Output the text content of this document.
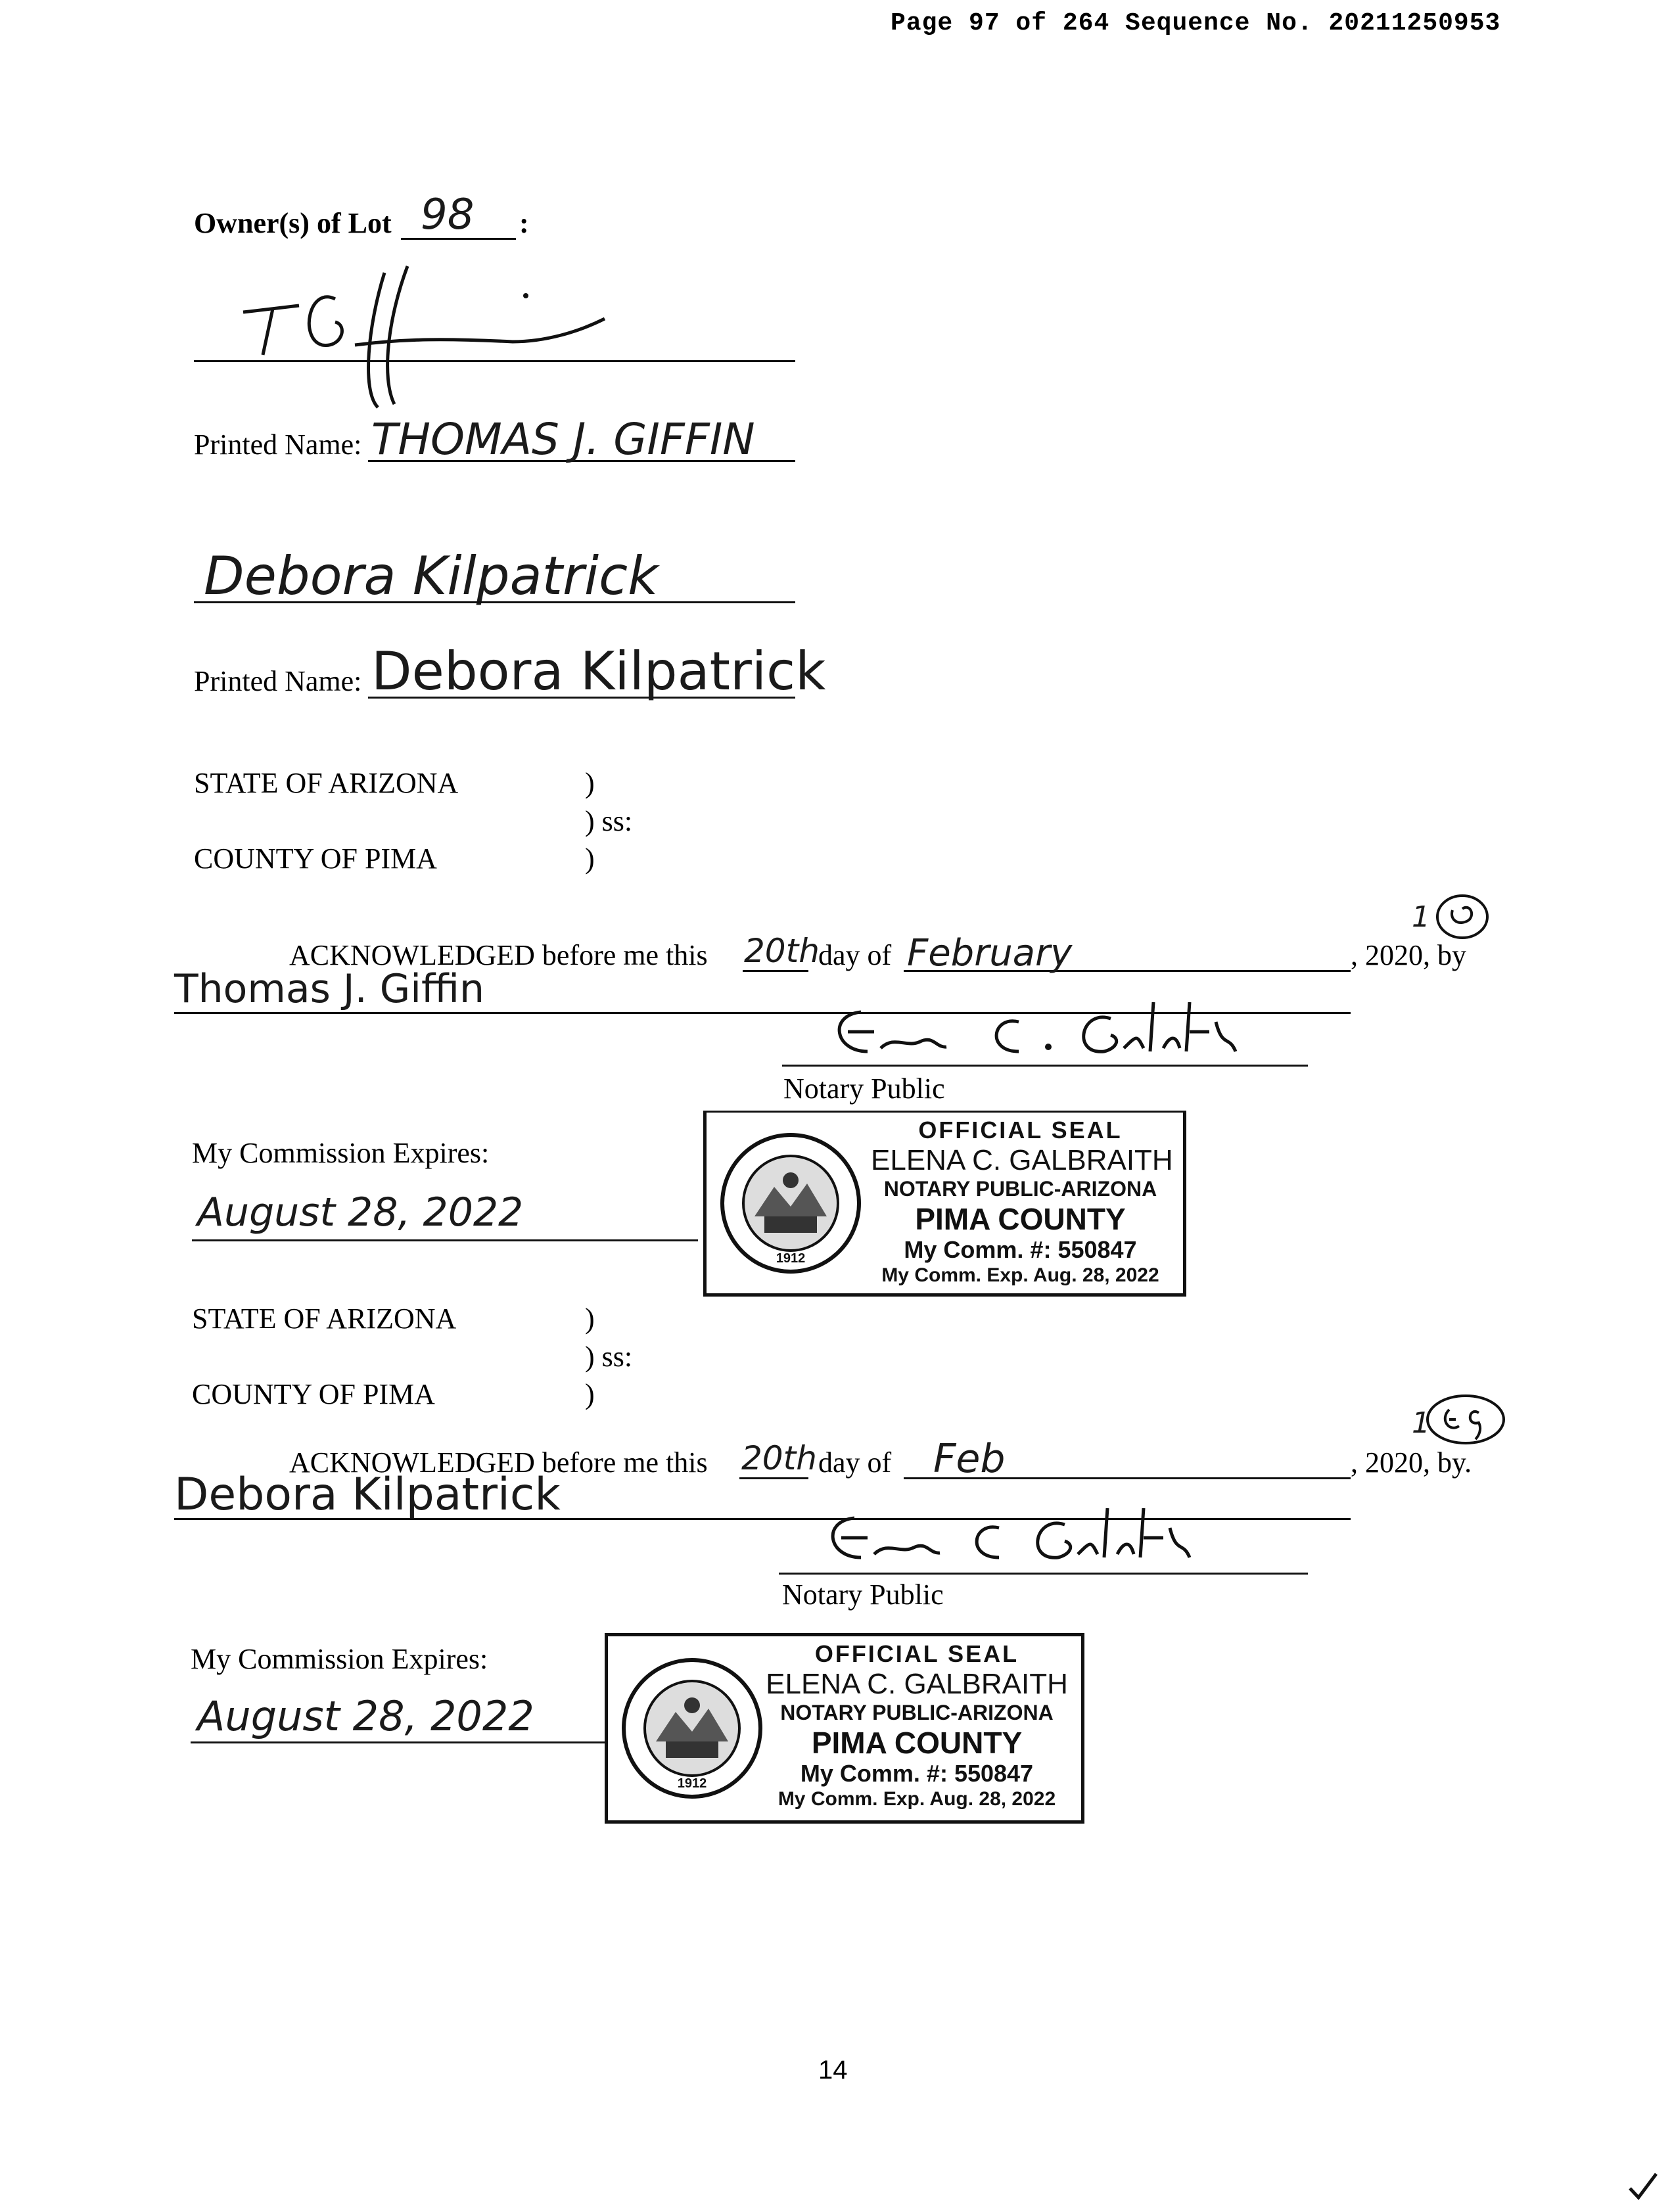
Page 97 of 264 Sequence No. 20211250953
Owner(s) of Lot 98 :
Printed Name: THOMAS J. GIFFIN
Debora Kilpatrick
Printed Name: Debora Kilpatrick
STATE OF ARIZONA	)
) ss:
COUNTY OF PIMA	)
ACKNOWLEDGED before me this 20th
day of February	, 2020, by
1
Thomas J. Giffin
Notary Public
My Commission Expires:
August 28, 2022
1912
OFFICIAL SEAL
ELENA C. GALBRAITH
NOTARY PUBLIC-ARIZONA
PIMA COUNTY
My Comm. #: 550847
My Comm. Exp. Aug. 28, 2022
STATE OF ARIZONA	)
) ss:
COUNTY OF PIMA	)
ACKNOWLEDGED before me this 20th day of Feb	, 2020, by.
1
Debora Kilpatrick
Notary Public
My Commission Expires:
August 28, 2022
1912
OFFICIAL SEAL
ELENA C. GALBRAITH
NOTARY PUBLIC-ARIZONA
PIMA COUNTY
My Comm. #: 550847
My Comm. Exp. Aug. 28, 2022
14
